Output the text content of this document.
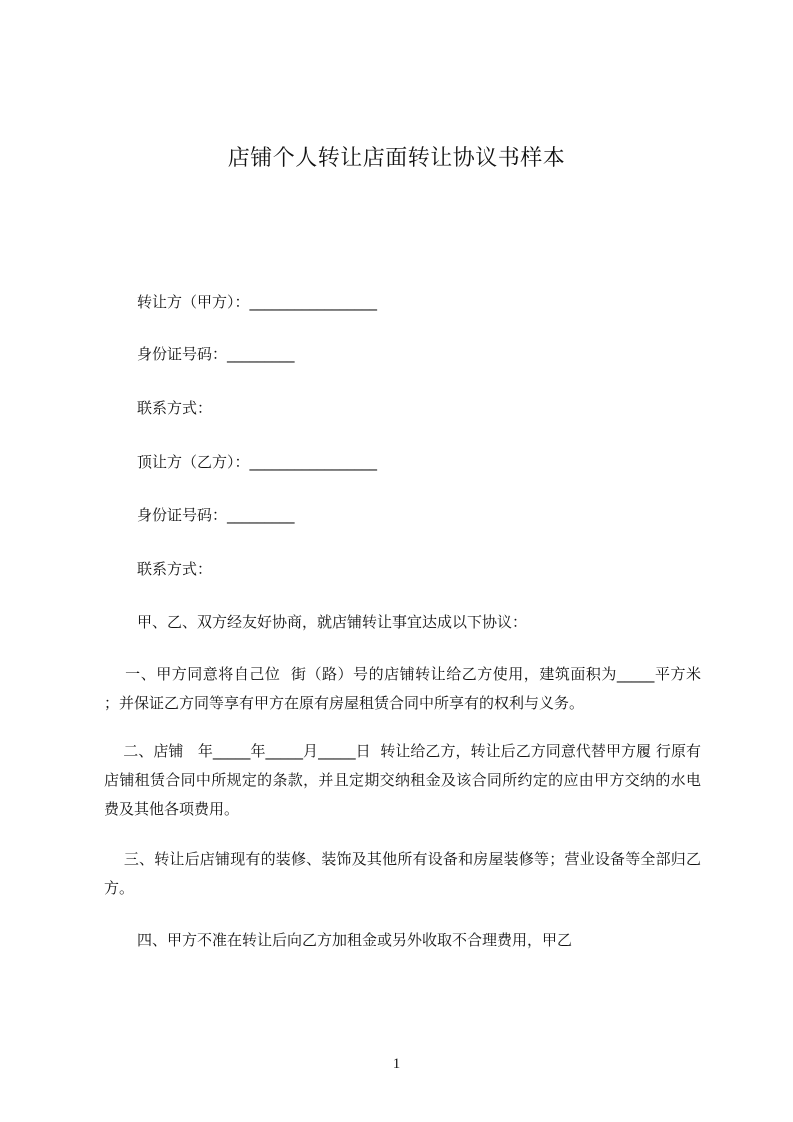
店铺个人转让店面转让协议书样本
转让方（甲方）：_________________
身份证号码：_________
联系方式：
顶让方（乙方）：_________________
身份证号码：_________
联系方式：
甲、乙、双方经友好协商，就店铺转让事宜达成以下协议：

一、甲方同意将自己位  街（路）号的店铺转让给乙方使用，建筑面积为_____平方米  ；并保证乙方同等享有甲方在原有房屋租赁合同中所享有的权利与义务。

二、店铺   年_____年_____月_____日  转让给乙方，转让后乙方同意代替甲方履 行原有店铺租赁合同中所规定的条款，并且定期交纳租金及该合同所约定的应由甲方交纳的水电费及其他各项费用。

三、转让后店铺现有的装修、装饰及其他所有设备和房屋装修等；营业设备等全部归乙方。

四、甲方不准在转让后向乙方加租金或另外收取不合理费用，甲乙
1
